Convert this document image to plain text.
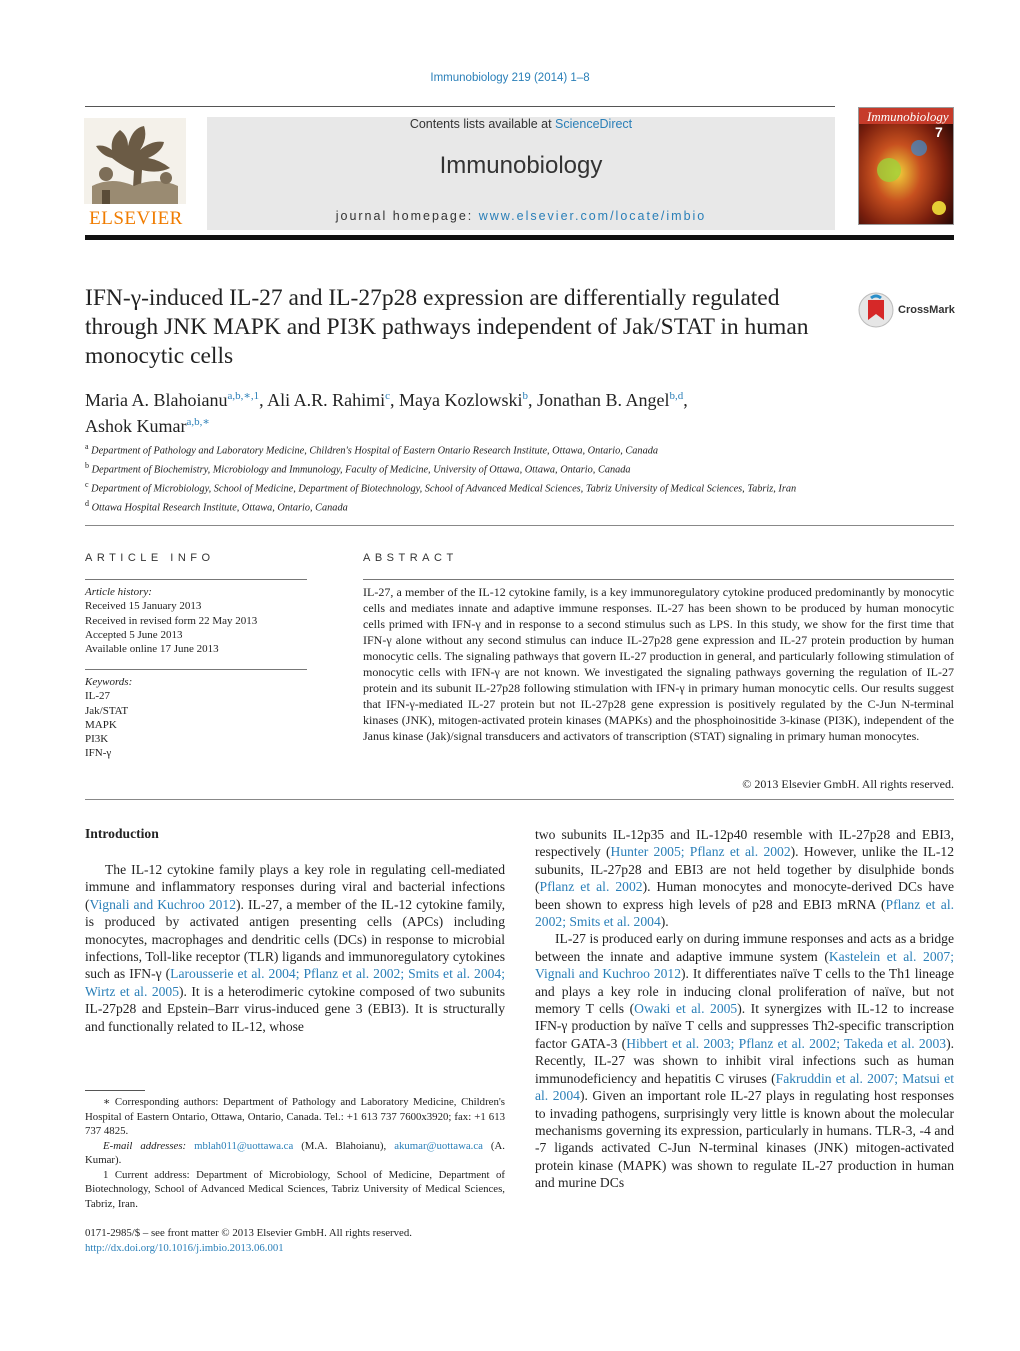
Immunobiology 219 (2014) 1–8
ELSEVIER
Contents lists available at ScienceDirect
Immunobiology
journal homepage: www.elsevier.com/locate/imbio
Immunobiology
7
IFN-γ-induced IL-27 and IL-27p28 expression are differentially regulated through JNK MAPK and PI3K pathways independent of Jak/STAT in human monocytic cells
CrossMark
Maria A. Blahoianu$^{a,b,∗,1}$, Ali A.R. Rahimi$^c$, Maya Kozlowski$^b$, Jonathan B. Angel$^{b,d}$,
Ashok Kumar$^{a,b,∗}$
$^a$ Department of Pathology and Laboratory Medicine, Children's Hospital of Eastern Ontario Research Institute, Ottawa, Ontario, Canada
$^b$ Department of Biochemistry, Microbiology and Immunology, Faculty of Medicine, University of Ottawa, Ottawa, Ontario, Canada
$^c$ Department of Microbiology, School of Medicine, Department of Biotechnology, School of Advanced Medical Sciences, Tabriz University of Medical Sciences, Tabriz, Iran
$^d$ Ottawa Hospital Research Institute, Ottawa, Ontario, Canada
ARTICLE INFO
Article history:
Received 15 January 2013
Received in revised form 22 May 2013
Accepted 5 June 2013
Available online 17 June 2013
Keywords:
IL-27
Jak/STAT
MAPK
PI3K
IFN-γ
ABSTRACT
IL-27, a member of the IL-12 cytokine family, is a key immunoregulatory cytokine produced predominantly by monocytic cells and mediates innate and adaptive immune responses. IL-27 has been shown to be produced by human monocytic cells primed with IFN-γ and in response to a second stimulus such as LPS. In this study, we show for the first time that IFN-γ alone without any second stimulus can induce IL-27p28 gene expression and IL-27 protein production by human monocytic cells. The signaling pathways that govern IL-27 production in general, and particularly following stimulation of monocytic cells with IFN-γ are not known. We investigated the signaling pathways governing the regulation of IL-27 protein and its subunit IL-27p28 following stimulation with IFN-γ in primary human monocytic cells. Our results suggest that IFN-γ-mediated IL-27 protein but not IL-27p28 gene expression is positively regulated by the C-Jun N-terminal kinases (JNK), mitogen-activated protein kinases (MAPKs) and the phosphoinositide 3-kinase (PI3K), independent of the Janus kinase (Jak)/signal transducers and activators of transcription (STAT) signaling in primary human monocytes.
© 2013 Elsevier GmbH. All rights reserved.
Introduction
The IL-12 cytokine family plays a key role in regulating cell-mediated immune and inflammatory responses during viral and bacterial infections (Vignali and Kuchroo 2012). IL-27, a member of the IL-12 cytokine family, is produced by activated antigen presenting cells (APCs) including monocytes, macrophages and dendritic cells (DCs) in response to microbial infections, Toll-like receptor (TLR) ligands and immunoregulatory cytokines such as IFN-γ (Larousserie et al. 2004; Pflanz et al. 2002; Smits et al. 2004; Wirtz et al. 2005). It is a heterodimeric cytokine composed of two subunits IL-27p28 and Epstein–Barr virus-induced gene 3 (EBI3). It is structurally and functionally related to IL-12, whose

two subunits IL-12p35 and IL-12p40 resemble with IL-27p28 and EBI3, respectively (Hunter 2005; Pflanz et al. 2002). However, unlike the IL-12 subunits, IL-27p28 and EBI3 are not held together by disulphide bonds (Pflanz et al. 2002). Human monocytes and monocyte-derived DCs have been shown to express high levels of p28 and EBI3 mRNA (Pflanz et al. 2002; Smits et al. 2004).

IL-27 is produced early on during immune responses and acts as a bridge between the innate and adaptive immune system (Kastelein et al. 2007; Vignali and Kuchroo 2012). It differentiates naïve T cells to the Th1 lineage and plays a key role in inducing clonal proliferation of naïve, but not memory T cells (Owaki et al. 2005). It synergizes with IL-12 to increase IFN-γ production by naïve T cells and suppresses Th2-specific transcription factor GATA-3 (Hibbert et al. 2003; Pflanz et al. 2002; Takeda et al. 2003). Recently, IL-27 was shown to inhibit viral infections such as human immunodeficiency and hepatitis C viruses (Fakruddin et al. 2007; Matsui et al. 2004). Given an important role IL-27 plays in regulating host responses to invading pathogens, surprisingly very little is known about the molecular mechanisms governing its expression, particularly in humans. TLR-3, -4 and -7 ligands activated C-Jun N-terminal kinases (JNK) mitogen-activated protein kinase (MAPK) was shown to regulate IL-27 production in human and murine DCs

∗ Corresponding authors: Department of Pathology and Laboratory Medicine, Children's Hospital of Eastern Ontario, Ottawa, Ontario, Canada. Tel.: +1 613 737 7600x3920; fax: +1 613 737 4825.

E-mail addresses: mblah011@uottawa.ca (M.A. Blahoianu), akumar@uottawa.ca (A. Kumar).

1 Current address: Department of Microbiology, School of Medicine, Department of Biotechnology, School of Advanced Medical Sciences, Tabriz University of Medical Sciences, Tabriz, Iran.

0171-2985/$ – see front matter © 2013 Elsevier GmbH. All rights reserved.
http://dx.doi.org/10.1016/j.imbio.2013.06.001
